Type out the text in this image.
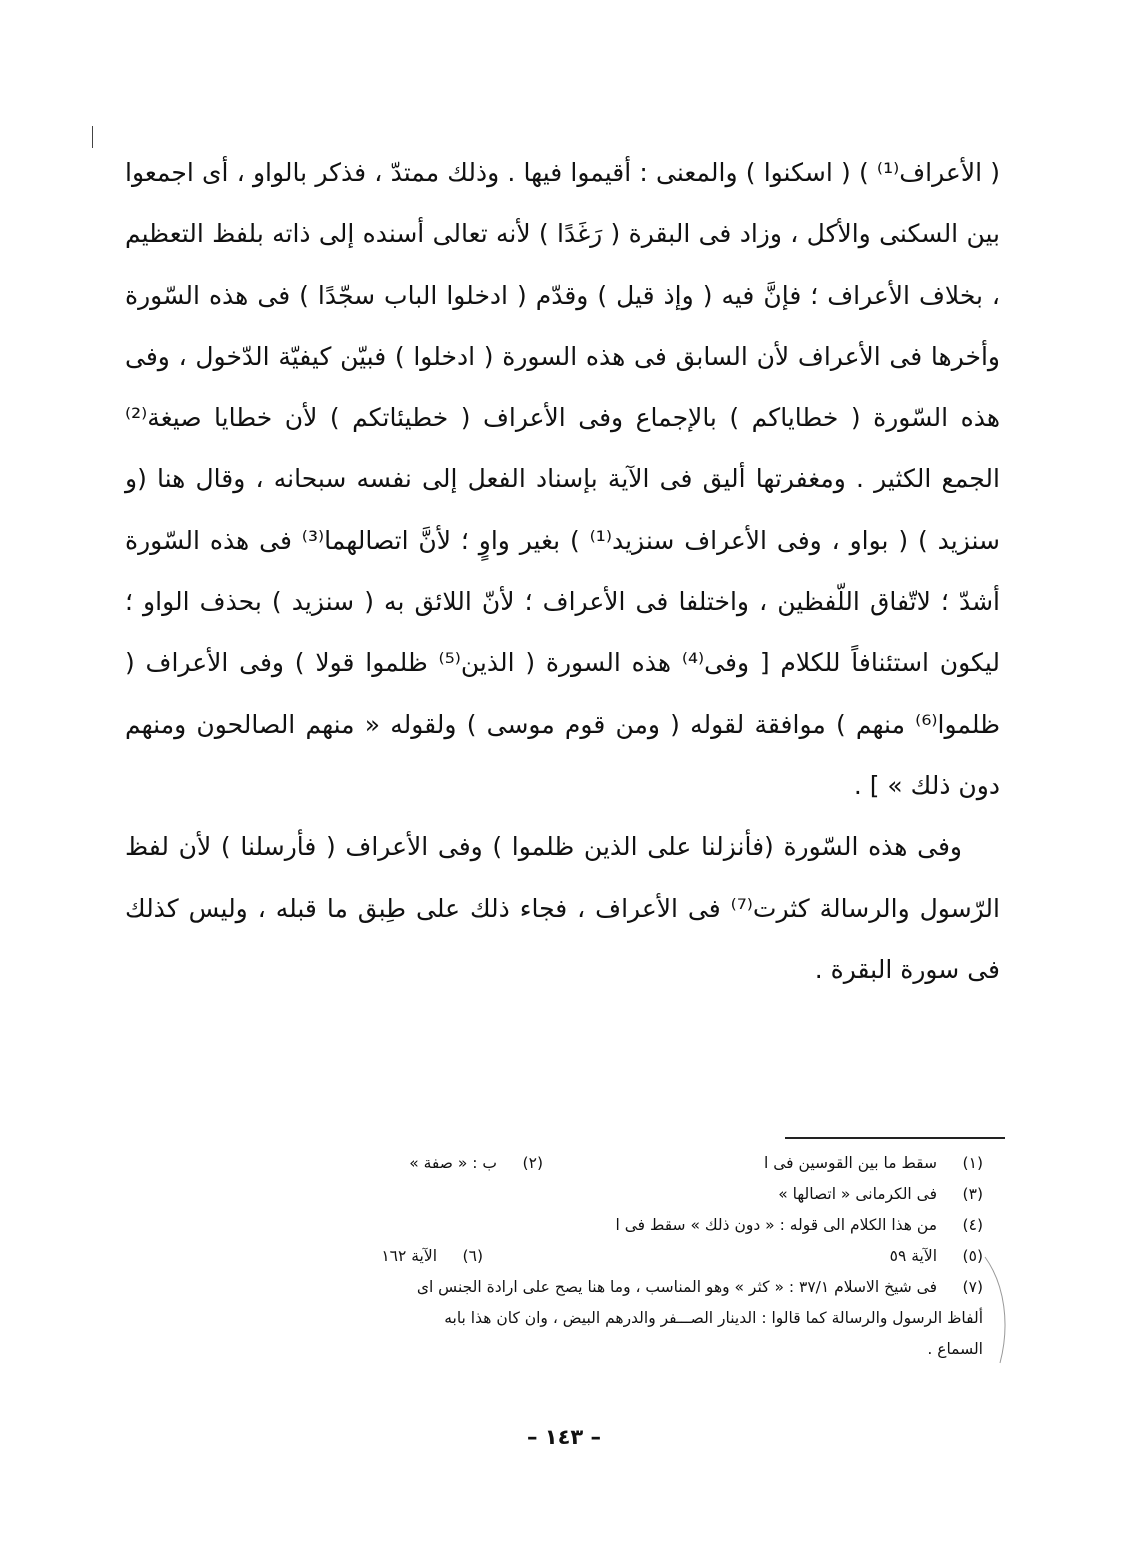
( الأعراف⁽¹⁾ ) ( اسكنوا ) والمعنى : أقيموا فيها . وذلك ممتدّ ، فذكر بالواو ، أى اجمعوا بين السكنى والأكل ، وزاد فى البقرة ( رَغَدًا ) لأنه تعالى أسنده إلى ذاته بلفظ التعظيم ، بخلاف الأعراف ؛ فإنَّ فيه ( وإذ قيل ) وقدّم ( ادخلوا الباب سجّدًا ) فى هذه السّورة وأخرها فى الأعراف لأن السابق فى هذه السورة ( ادخلوا ) فبيّن كيفيّة الدّخول ، وفى هذه السّورة ( خطاياكم ) بالإجماع وفى الأعراف ( خطيئاتكم ) لأن خطايا صيغة⁽²⁾ الجمع الكثير . ومغفرتها أليق فى الآية بإسناد الفعل إلى نفسه سبحانه ، وقال هنا (و سنزيد ) ( بواو ، وفى الأعراف سنزيد⁽¹⁾ ) بغير واوٍ ؛ لأنَّ اتصالهما⁽³⁾ فى هذه السّورة أشدّ ؛ لاتّفاق اللّفظين ، واختلفا فى الأعراف ؛ لأنّ اللائق به ( سنزيد ) بحذف الواو ؛ ليكون استئنافاً للكلام [ وفى⁽⁴⁾ هذه السورة ( الذين⁽⁵⁾ ظلموا قولا ) وفى الأعراف ( ظلموا⁽⁶⁾ منهم ) موافقة لقوله ( ومن قوم موسى ) ولقوله « منهم الصالحون ومنهم دون ذلك » ] .

وفى هذه السّورة (فأنزلنا على الذين ظلموا ) وفى الأعراف ( فأرسلنا ) لأن لفظ الرّسول والرسالة كثرت⁽⁷⁾ فى الأعراف ، فجاء ذلك على طِبق ما قبله ، وليس كذلك فى سورة البقرة .

(١)سقط ما بين القوسين فى ا
(٢)ب : « صفة »
(٣)فى الكرمانى « اتصالها »
(٤)من هذا الكلام الى قوله : « دون ذلك » سقط فى ا
(٥)الآية ٥٩
(٦)الآية ١٦٢
(٧)فى شيخ الاسلام ٣٧/١ : « كثر » وهو المناسب ، وما هنا يصح على ارادة الجنس اى
ألفاظ الرسول والرسالة كما قالوا : الدينار الصـــفر والدرهم البيض ، وان كان هذا بابه
السماع .
– ١٤٣ –
